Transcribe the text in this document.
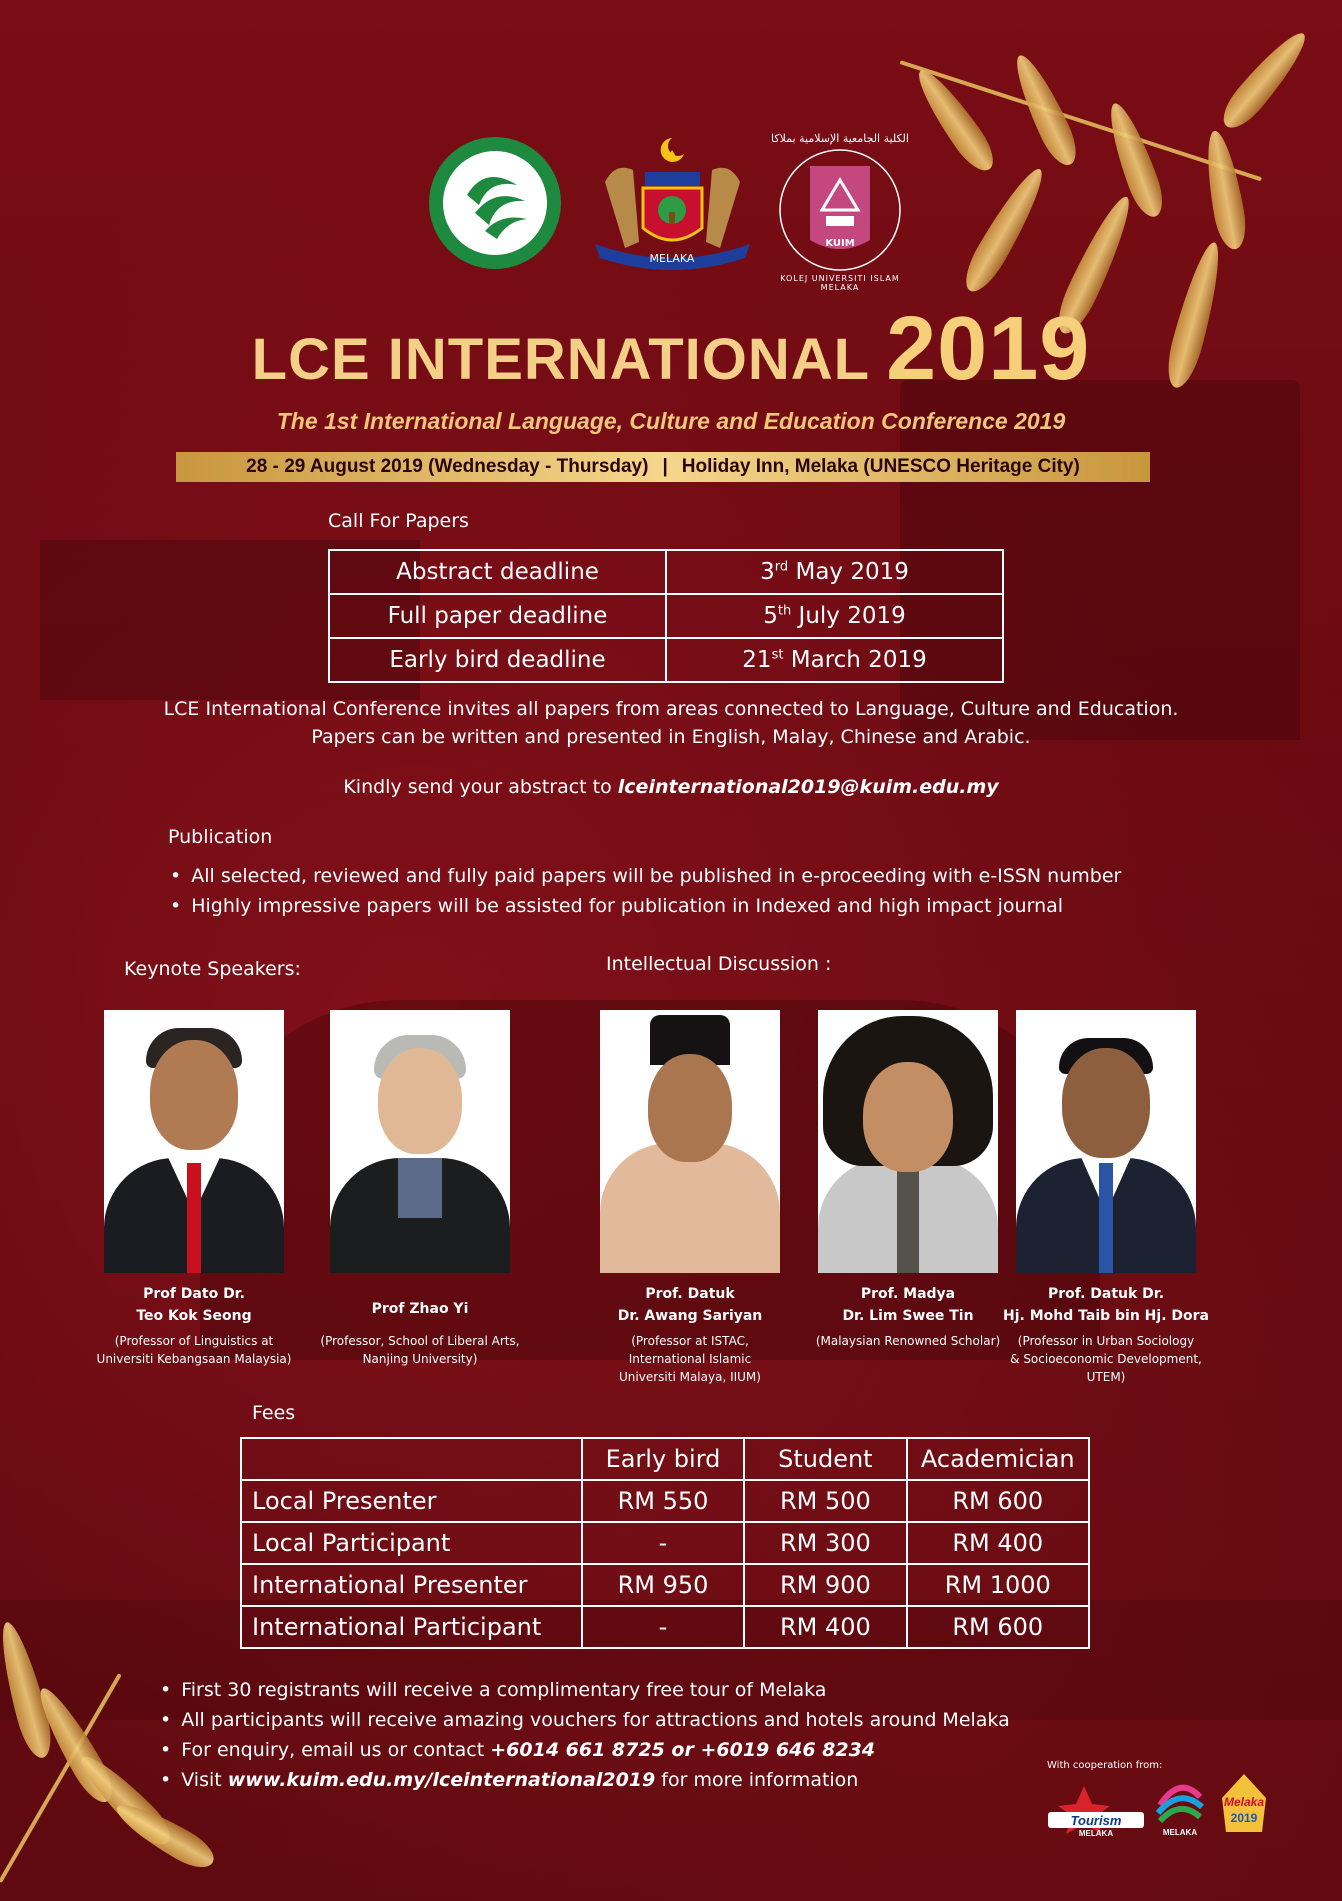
MELAKA
الكلية الجامعية الإسلامية بملاكا
KUIM
KOLEJ UNIVERSITI ISLAM MELAKA
LCE INTERNATIONAL 2019
The 1st International Language, Culture and Education Conference 2019
28 - 29 August 2019 (Wednesday - Thursday) | Holiday Inn, Melaka (UNESCO Heritage City)
Call For Papers
Abstract deadline	3rd May 2019
Full paper deadline	5th July 2019
Early bird deadline	21st March 2019
LCE International Conference invites all papers from areas connected to Language, Culture and Education.
Papers can be written and presented in English, Malay, Chinese and Arabic.
Kindly send your abstract to lceinternational2019@kuim.edu.my
Publication
• All selected, reviewed and fully paid papers will be published in e-proceeding with e-ISSN number
• Highly impressive papers will be assisted for publication in Indexed and high impact journal
Keynote Speakers:	Intellectual Discussion :
Prof Dato Dr.
Teo Kok Seong
(Professor of Linguistics at
Universiti Kebangsaan Malaysia)
Prof Zhao Yi
(Professor, School of Liberal Arts,
Nanjing University)
Prof. Datuk
Dr. Awang Sariyan
(Professor at ISTAC,
International Islamic
Universiti Malaya, IIUM)
Prof. Madya
Dr. Lim Swee Tin
(Malaysian Renowned Scholar)
Prof. Datuk Dr.
Hj. Mohd Taib bin Hj. Dora
(Professor in Urban Sociology
& Socioeconomic Development,
UTEM)
Fees
	Early bird	Student	Academician
Local Presenter	RM 550	RM 500	RM 600
Local Participant	-	RM 300	RM 400
International Presenter	RM 950	RM 900	RM 1000
International Participant	-	RM 400	RM 600
• First 30 registrants will receive a complimentary free tour of Melaka
• All participants will receive amazing vouchers for attractions and hotels around Melaka
• For enquiry, email us or contact +6014 661 8725 or +6019 646 8234
• Visit www.kuim.edu.my/lceinternational2019 for more information
With cooperation from:
Tourism
MELAKA	MELAKA
Melaka
2019
